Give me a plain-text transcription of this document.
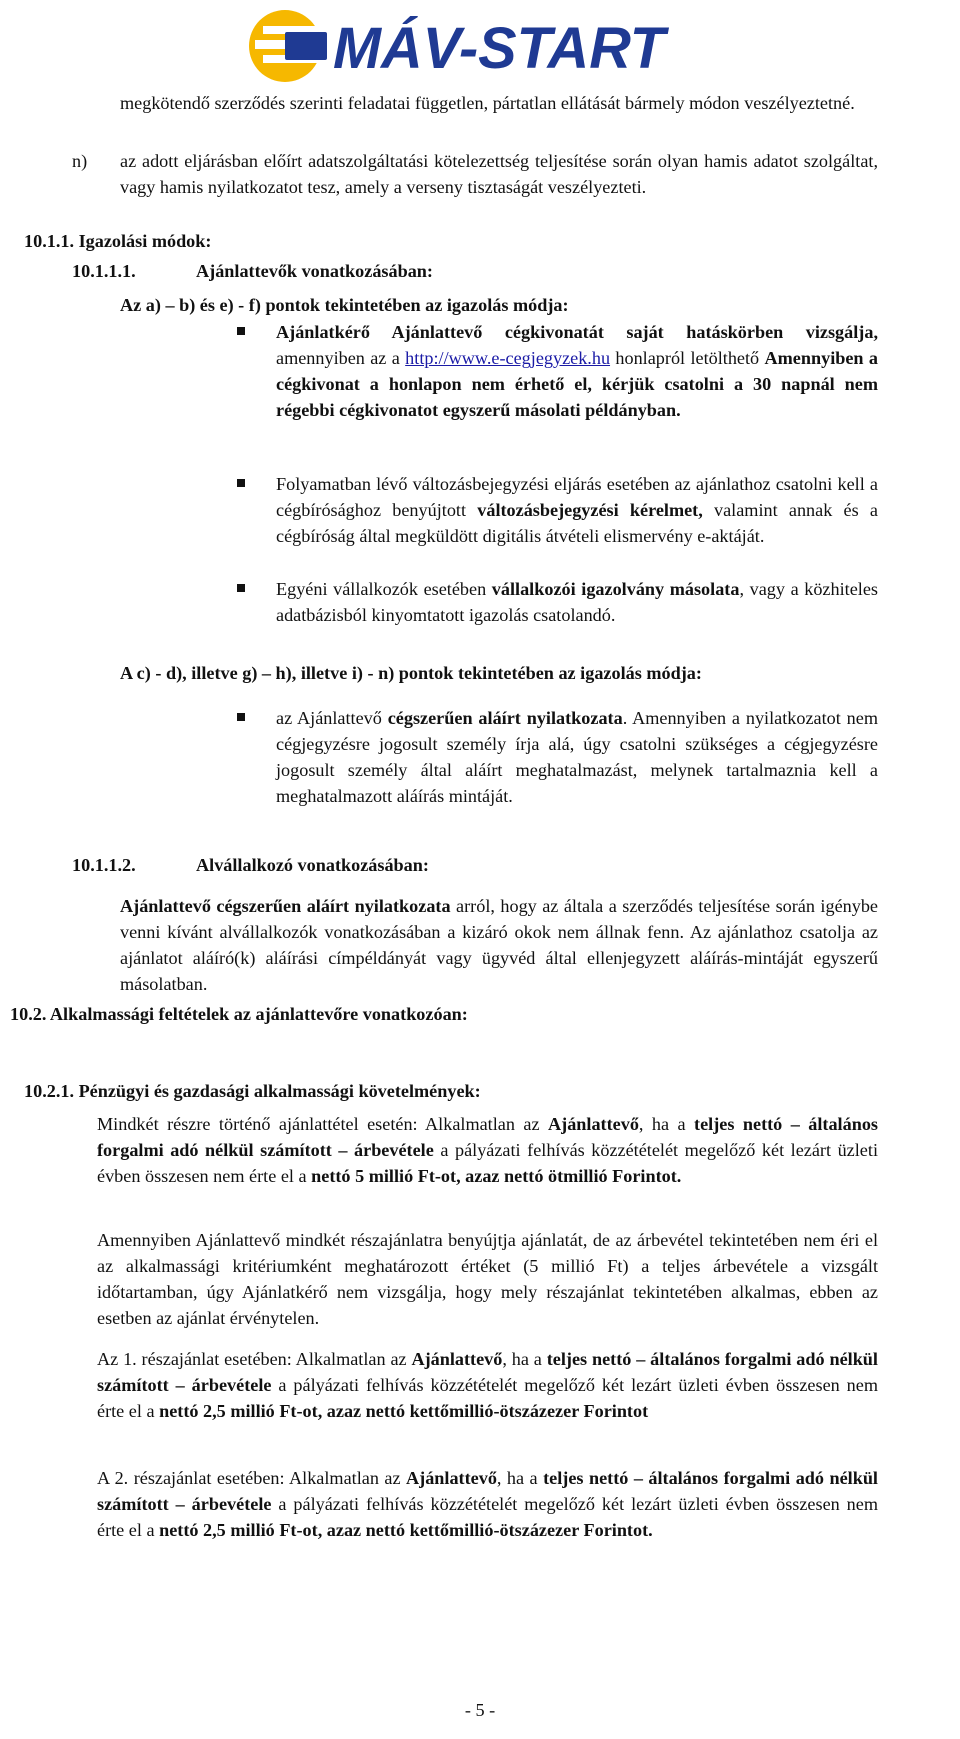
MÁV-START
megkötendő szerződés szerinti feladatai független, pártatlan ellátását bármely módon veszélyeztetné.
n)	az adott eljárásban előírt adatszolgáltatási kötelezettség teljesítése során olyan hamis adatot szolgáltat, vagy hamis nyilatkozatot tesz, amely a verseny tisztaságát veszélyezteti.
10.1.1. Igazolási módok:
10.1.1.1.	Ajánlattevők vonatkozásában:
Az a) – b) és e) - f) pontok tekintetében az igazolás módja:
Ajánlatkérő Ajánlattevő cégkivonatát saját hatáskörben vizsgálja, amennyiben az a http://www.e-cegjegyzek.hu honlapról letölthető Amennyiben a cégkivonat a honlapon nem érhető el, kérjük csatolni a 30 napnál nem régebbi cégkivonatot egyszerű másolati példányban.
Folyamatban lévő változásbejegyzési eljárás esetében az ajánlathoz csatolni kell a cégbírósághoz benyújtott változásbejegyzési kérelmet, valamint annak és a cégbíróság által megküldött digitális átvételi elismervény e-aktáját.
Egyéni vállalkozók esetében vállalkozói igazolvány másolata, vagy a közhiteles adatbázisból kinyomtatott igazolás csatolandó.
A c) - d), illetve g) – h), illetve i) - n) pontok tekintetében az igazolás módja:
az Ajánlattevő cégszerűen aláírt nyilatkozata. Amennyiben a nyilatkozatot nem cégjegyzésre jogosult személy írja alá, úgy csatolni szükséges a cégjegyzésre jogosult személy által aláírt meghatalmazást, melynek tartalmaznia kell a meghatalmazott aláírás mintáját.
10.1.1.2.	Alvállalkozó vonatkozásában:
Ajánlattevő cégszerűen aláírt nyilatkozata arról, hogy az általa a szerződés teljesítése során igénybe venni kívánt alvállalkozók vonatkozásában a kizáró okok nem állnak fenn. Az ajánlathoz csatolja az ajánlatot aláíró(k) aláírási címpéldányát vagy ügyvéd által ellenjegyzett aláírás-mintáját egyszerű másolatban.
10.2. Alkalmassági feltételek az ajánlattevőre vonatkozóan:
10.2.1. Pénzügyi és gazdasági alkalmassági követelmények:
Mindkét részre történő ajánlattétel esetén: Alkalmatlan az Ajánlattevő, ha a teljes nettó – általános forgalmi adó nélkül számított – árbevétele a pályázati felhívás közzétételét megelőző két lezárt üzleti évben összesen nem érte el a nettó 5 millió Ft-ot, azaz nettó ötmillió Forintot.
Amennyiben Ajánlattevő mindkét részajánlatra benyújtja ajánlatát, de az árbevétel tekintetében nem éri el az alkalmassági kritériumként meghatározott értéket (5 millió Ft) a teljes árbevétele a vizsgált időtartamban, úgy Ajánlatkérő nem vizsgálja, hogy mely részajánlat tekintetében alkalmas, ebben az esetben az ajánlat érvénytelen.
Az 1. részajánlat esetében: Alkalmatlan az Ajánlattevő, ha a teljes nettó – általános forgalmi adó nélkül számított – árbevétele a pályázati felhívás közzétételét megelőző két lezárt üzleti évben összesen nem érte el a nettó 2,5 millió Ft-ot, azaz nettó kettőmillió-ötszázezer Forintot
A 2. részajánlat esetében: Alkalmatlan az Ajánlattevő, ha a teljes nettó – általános forgalmi adó nélkül számított – árbevétele a pályázati felhívás közzétételét megelőző két lezárt üzleti évben összesen nem érte el a nettó 2,5 millió Ft-ot, azaz nettó kettőmillió-ötszázezer Forintot.
- 5 -
